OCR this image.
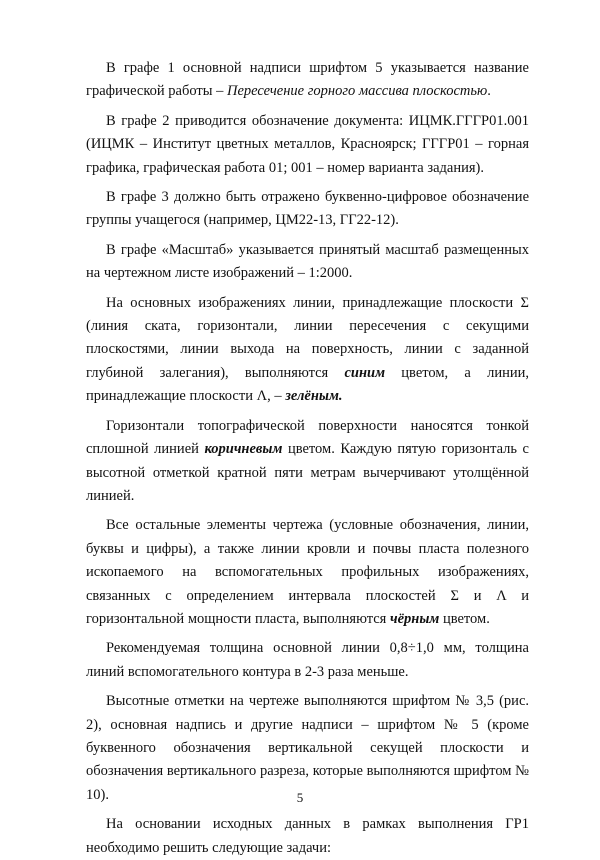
В графе 1 основной надписи шрифтом 5 указывается название графической работы – Пересечение горного массива плоскостью.

В графе 2 приводится обозначение документа: ИЦМК.ГГГР01.001 (ИЦМК – Институт цветных металлов, Красноярск; ГГГР01 – горная графика, графическая работа 01; 001 – номер варианта задания).

В графе 3 должно быть отражено буквенно-цифровое обозначение группы учащегося (например, ЦМ22-13, ГГ22-12).

В графе «Масштаб» указывается принятый масштаб размещенных на чертежном листе изображений – 1:2000.

На основных изображениях линии, принадлежащие плоскости Σ (линия ската, горизонтали, линии пересечения с секущими плоскостями, линии выхода на поверхность, линии с заданной глубиной залегания), выполняются синим цветом, а линии, принадлежащие плоскости Λ, – зелёным.

Горизонтали топографической поверхности наносятся тонкой сплошной линией коричневым цветом. Каждую пятую горизонталь с высотной отметкой кратной пяти метрам вычерчивают утолщённой линией.

Все остальные элементы чертежа (условные обозначения, линии, буквы и цифры), а также линии кровли и почвы пласта полезного ископаемого на вспомогательных профильных изображениях, связанных с определением интервала плоскостей Σ и Λ и горизонтальной мощности пласта, выполняются чёрным цветом.

Рекомендуемая толщина основной линии 0,8÷1,0 мм, толщина линий вспомогательного контура в 2-3 раза меньше.

Высотные отметки на чертеже выполняются шрифтом № 3,5 (рис. 2), основная надпись и другие надписи – шрифтом № 5 (кроме буквенного обозначения вертикальной секущей плоскости и обозначения вертикального разреза, которые выполняются шрифтом № 10).

На основании исходных данных в рамках выполнения ГР1 необходимо решить следующие задачи:

5
